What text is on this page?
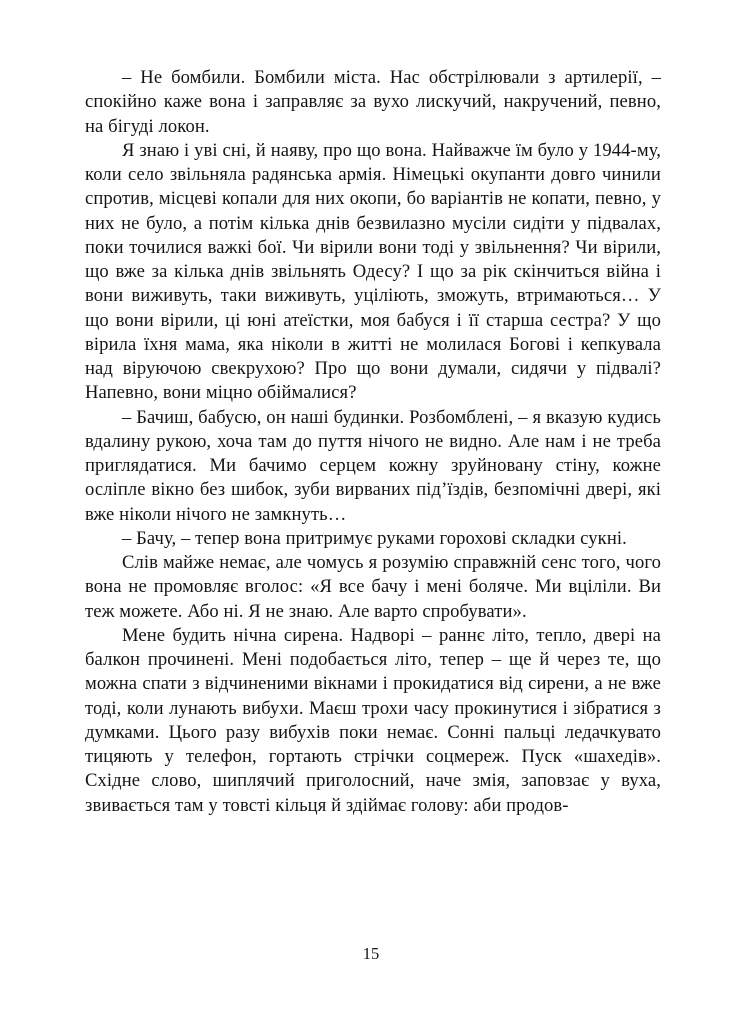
– Не бомбили. Бомбили міста. Нас обстрілювали з артилерії, – спокійно каже вона і заправляє за вухо лискучий, накручений, певно, на бігуді локон.

Я знаю і уві сні, й наяву, про що вона. Найважче їм було у 1944-му, коли село звільняла радянська армія. Німецькі окупанти довго чинили спротив, місцеві копали для них окопи, бо варіантів не копати, певно, у них не було, а потім кілька днів безвилазно мусіли сидіти у підвалах, поки точилися важкі бої. Чи вірили вони тоді у звільнення? Чи вірили, що вже за кілька днів звільнять Одесу? І що за рік скінчиться війна і вони виживуть, таки виживуть, уціліють, зможуть, втримаються… У що вони вірили, ці юні атеїстки, моя бабуся і її старша сестра? У що вірила їхня мама, яка ніколи в житті не молилася Богові і кепкувала над віруючою свекрухою? Про що вони думали, сидячи у підвалі? Напевно, вони міцно обіймалися?

– Бачиш, бабусю, он наші будинки. Розбомблені, – я вказую кудись вдалину рукою, хоча там до пуття нічого не видно. Але нам і не треба приглядатися. Ми бачимо серцем кожну зруйновану стіну, кожне осліпле вікно без шибок, зуби вирваних під’їздів, безпомічні двері, які вже ніколи нічого не замкнуть…

– Бачу, – тепер вона притримує руками горохові складки сукні.

Слів майже немає, але чомусь я розумію справжній сенс того, чого вона не промовляє вголос: «Я все бачу і мені боляче. Ми вціліли. Ви теж можете. Або ні. Я не знаю. Але варто спробувати».

Мене будить нічна сирена. Надворі – раннє літо, тепло, двері на балкон прочинені. Мені подобається літо, тепер – ще й через те, що можна спати з відчиненими вікнами і прокидатися від сирени, а не вже тоді, коли лунають вибухи. Маєш трохи часу прокинутися і зібратися з думками. Цього разу вибухів поки немає. Сонні пальці ледачкувато тицяють у телефон, гортають стрічки соцмереж. Пуск «шахедів». Східне слово, шиплячий приголосний, наче змія, заповзає у вуха, звивається там у товсті кільця й здіймає голову: аби продов-

15
